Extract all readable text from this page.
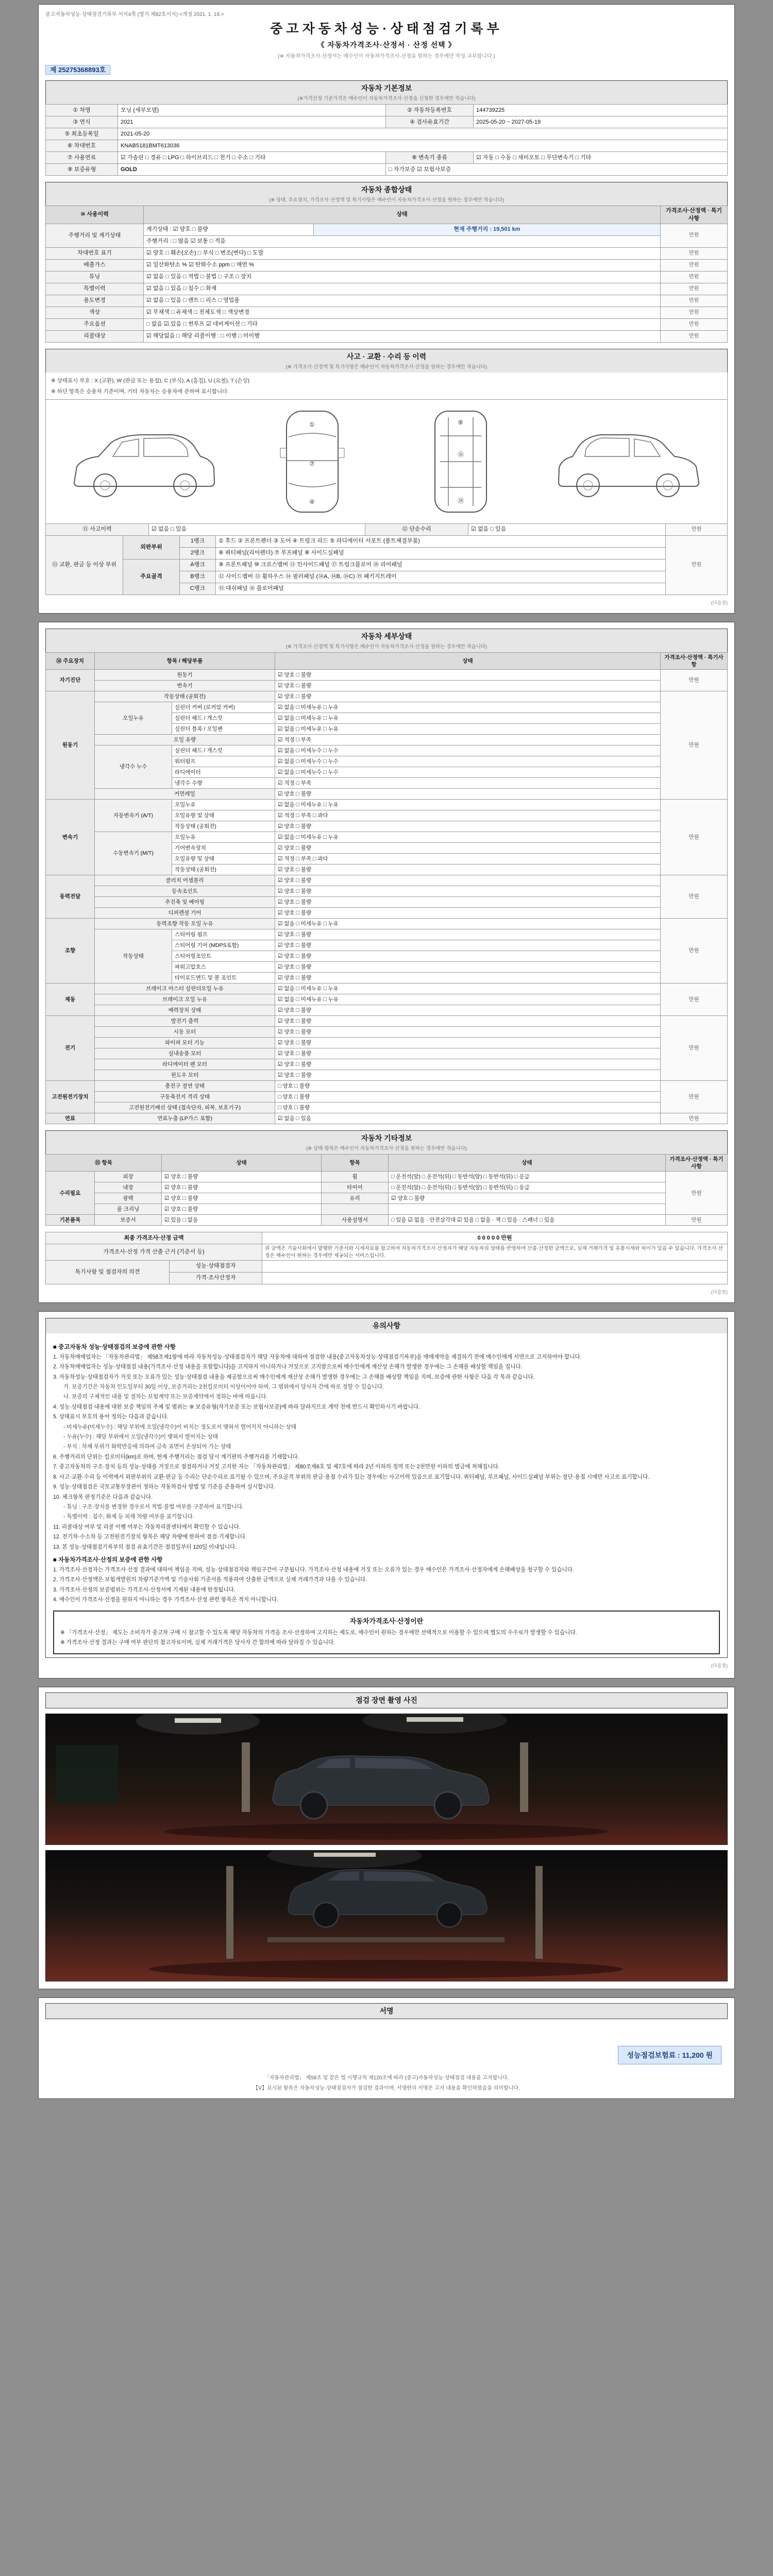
중고자동차성능·상태점검기록부 서식4쪽 (별지 제82호서식) <개정 2021. 1. 19.>
중고자동차성능·상태점검기록부
《 자동차가격조사·산정서 · 산정 선택 》
(※ 자동차가격조사·산정서는 매수인이 자동차가격조사·산정을 원하는 경우에만 작성·교부합니다.)
제 25275368893호
자동차 기본정보
(※가격산정 기준가격은 매수인이 자동차가격조사·산정을 신청한 경우에만 적습니다)
① 차명	모닝 (세부모델)	② 자동차등록번호	144739225
③ 연식	2021	④ 검사유효기간	2025-05-20 ~ 2027-05-19
⑤ 최초등록일	2021-05-20		
⑥ 차대번호	KNAB5181BMT613036		
⑦ 사용연료	☑ 가솔린 □ 경유 □ LPG □ 하이브리드 □ 전기 □ 수소 □ 기타	⑧ 변속기 종류	☑ 자동 □ 수동 □ 세미오토 □ 무단변속기 □ 기타
⑨ 보증유형	GOLD	□ 자가보증 ☑ 보험사보증	
자동차 종합상태
(※ 상태, 주요장치, 가격조사·산정액 및 특기사항은 매수인이 자동차가격조사·산정을 원하는 경우에만 적습니다)
⑩ 사용이력	상태		가격조사·산정액 · 특기사항
주행거리 및 계기상태	계기상태 : ☑ 양호 □ 불량	현재 주행거리 : 19,501 km	만원
	주행거리 : □ 많음 ☑ 보통 □ 적음		
차대번호 표기	☑ 양호 □ 훼손(오손) □ 부식 □ 변조(변타) □ 도말		만원
배출가스	☑ 일산화탄소 % ☑ 탄화수소 ppm □ 매연 %		만원
튜닝	☑ 없음 □ 있음 □ 적법 □ 불법 □ 구조 □ 장치		만원
특별이력	☑ 없음 □ 있음 □ 침수 □ 화재		만원
용도변경	☑ 없음 □ 있음 □ 렌트 □ 리스 □ 영업용		만원
색상	☑ 무채색 □ 유채색 □ 전체도색 □ 색상변경		만원
주요옵션	□ 없음 ☑ 있음 □ 썬루프 ☑ 네비게이션 □ 기타		만원
리콜대상	☑ 해당없음 □ 해당 리콜이행 : □ 이행 □ 미이행		만원
사고 · 교환 · 수리 등 이력
(※ 가격조사·산정액 및 특기사항은 매수인이 자동차가격조사·산정을 원하는 경우에만 적습니다)
※ 상태표시 부호 : X (교환), W (판금 또는 용접), C (부식), A (흠집), U (요철), T (손상)
※ 하단 항목은 승용차 기준이며, 기타 자동차는 승용차에 준하여 표시합니다.
①
⑦
④
⑨
⑯
⑱
⑪ 사고이력	☑ 없음 □ 있음	⑫ 단순수리	☑ 없음 □ 있음	만원
⑬ 교환, 판금 등 이상 부위	외판부위	1랭크	① 후드 ② 프론트펜더 ③ 도어 ④ 트렁크 리드 ⑤ 라디에이터 서포트 (볼트체결부품)	만원
		2랭크	⑥ 쿼터패널(리어펜더) ⑦ 루프패널 ⑧ 사이드실패널	
	주요골격	A랭크	⑨ 프론트패널 ⑩ 크로스멤버 ⑪ 인사이드패널 ⑰ 트렁크플로어 ⑱ 리어패널	
		B랭크	⑫ 사이드멤버 ⑬ 휠하우스 ⑭ 필러패널 (⑭A, ⑭B, ⑭C) ⑲ 패키지트레이	
		C랭크	⑮ 대쉬패널 ⑯ 플로어패널	
(다음장)
자동차 세부상태
(※ 가격조사·산정액 및 특기사항은 매수인이 자동차가격조사·산정을 원하는 경우에만 적습니다)
⑭ 주요장치	항목 / 해당부품		상태	가격조사·산정액 · 특기사항
자기진단	원동기		☑ 양호 □ 불량	만원
	변속기		☑ 양호 □ 불량	
원동기	작동상태 (공회전)		☑ 양호 □ 불량	만원
	오일누유	실린더 커버 (로커암 커버)	☑ 없음 □ 미세누유 □ 누유	
		실린더 헤드 / 개스킷	☑ 없음 □ 미세누유 □ 누유	
		실린더 블록 / 오일팬	☑ 없음 □ 미세누유 □ 누유	
	오일 유량		☑ 적정 □ 부족	
	냉각수 누수	실린더 헤드 / 개스킷	☑ 없음 □ 미세누수 □ 누수	
		워터펌프	☑ 없음 □ 미세누수 □ 누수	
		라디에이터	☑ 없음 □ 미세누수 □ 누수	
		냉각수 수량	☑ 적정 □ 부족	
	커먼레일		☑ 양호 □ 불량	
변속기	자동변속기 (A/T)	오일누유	☑ 없음 □ 미세누유 □ 누유	만원
		오일유량 및 상태	☑ 적정 □ 부족 □ 과다	
		작동상태 (공회전)	☑ 양호 □ 불량	
	수동변속기 (M/T)	오일누유	☑ 없음 □ 미세누유 □ 누유	
		기어변속장치	☑ 양호 □ 불량	
		오일유량 및 상태	☑ 적정 □ 부족 □ 과다	
		작동상태 (공회전)	☑ 양호 □ 불량	
동력전달	클러치 어셈블리		☑ 양호 □ 불량	만원
	등속조인트		☑ 양호 □ 불량	
	추진축 및 베어링		☑ 양호 □ 불량	
	디퍼렌셜 기어		☑ 양호 □ 불량	
조향	동력조향 작동 오일 누유		☑ 없음 □ 미세누유 □ 누유	만원
	작동상태	스티어링 펌프	☑ 양호 □ 불량	
		스티어링 기어 (MDPS포함)	☑ 양호 □ 불량	
		스티어링조인트	☑ 양호 □ 불량	
		파워고압호스	☑ 양호 □ 불량	
		타이로드엔드 및 볼 조인트	☑ 양호 □ 불량	
제동	브레이크 마스터 실린더오일 누유		☑ 없음 □ 미세누유 □ 누유	만원
	브레이크 오일 누유		☑ 없음 □ 미세누유 □ 누유	
	배력장치 상태		☑ 양호 □ 불량	
전기	발전기 출력		☑ 양호 □ 불량	만원
	시동 모터		☑ 양호 □ 불량	
	와이퍼 모터 기능		☑ 양호 □ 불량	
	실내송풍 모터		☑ 양호 □ 불량	
	라디에이터 팬 모터		☑ 양호 □ 불량	
	윈도우 모터		☑ 양호 □ 불량	
고전원전기장치	충전구 절연 상태		□ 양호 □ 불량	만원
	구동축전지 격리 상태		□ 양호 □ 불량	
	고전원전기배선 상태 (접속단자, 피복, 보호기구)		□ 양호 □ 불량	
연료	연료누출 (LP가스 포함)		☑ 없음 □ 있음	만원
자동차 기타정보
(※ 상태·항목은 매수인이 자동차가격조사·산정을 원하는 경우에만 적습니다)
⑮ 항목		상태	항목	상태	가격조사·산정액 · 특기사항
수리필요	외장	☑ 양호 □ 불량	휠	□ 운전석(앞) □ 운전석(뒤) □ 동반석(앞) □ 동반석(뒤) □ 응급	만원
	내장	☑ 양호 □ 불량	타이어	□ 운전석(앞) □ 운전석(뒤) □ 동반석(앞) □ 동반석(뒤) □ 응급	
	광택	☑ 양호 □ 불량	유리	☑ 양호 □ 불량	
	룸 크리닝	☑ 양호 □ 불량			
기본품목	보증서	☑ 있음 □ 없음	사용설명서	□ 있음 ☑ 없음 · 안전삼각대 ☑ 있음 □ 없음 · 잭 □ 있음 · 스패너 □ 있음	만원
최종 가격조사·산정 금액		0 0 0 0 0 만원
가격조사·산정 가격 산출 근거 (기준서 등)		위 금액은 기술사회에서 발행한 기준서와 시세자료를 참고하여 자동차가격조사·산정자가 해당 자동차의 상태를 반영하여 산출·산정한 금액으로, 실제 거래가격 및 유통시세와 차이가 있을 수 있습니다. 가격조사·산정은 매수인이 원하는 경우에만 제공되는 서비스입니다.
특기사항 및 점검자의 의견	성능·상태점검자	
	가격·조사산정자	
(다음장)
유의사항
■ 중고자동차 성능·상태점검의 보증에 관한 사항
1. 자동차매매업자는 「자동차관리법」 제58조제1항에 따라 자동차성능·상태점검자가 해당 자동차에 대하여 점검한 내용(중고자동차성능·상태점검기록부)을 매매계약을 체결하기 전에 매수인에게 서면으로 고지하여야 합니다.
2. 자동차매매업자는 성능·상태점검 내용(가격조사·산정 내용을 포함합니다)을 고지하지 아니하거나 거짓으로 고지함으로써 매수인에게 재산상 손해가 발생한 경우에는 그 손해를 배상할 책임을 집니다.
3. 자동차성능·상태점검자가 거짓 또는 오류가 있는 성능·상태점검 내용을 제공함으로써 매수인에게 재산상 손해가 발생한 경우에는 그 손해를 배상할 책임을 지며, 보증에 관한 사항은 다음 각 목과 같습니다.
가. 보증기간은 자동차 인도일부터 30일 이상, 보증거리는 2천킬로미터 이상이어야 하며, 그 범위에서 당사자 간에 따로 정할 수 있습니다.
나. 보증의 구체적인 내용 및 절차는 보험계약 또는 보증계약에서 정하는 바에 따릅니다.
4. 성능·상태점검 내용에 대한 보증 책임의 주체 및 범위는 ⑨ 보증유형(자가보증 또는 보험사보증)에 따라 달라지므로 계약 전에 반드시 확인하시기 바랍니다.
5. 상태표시 부호의 용어 정의는 다음과 같습니다.
- 미세누유(미세누수) : 해당 부위에 오일(냉각수)이 비치는 정도로서 맺혀서 떨어지지 아니하는 상태
- 누유(누수) : 해당 부위에서 오일(냉각수)이 맺혀서 떨어지는 상태
- 부식 : 차체 부위가 화학반응에 의하여 금속 표면이 손상되어 가는 상태
6. 주행거리의 단위는 킬로미터(km)로 하며, 현재 주행거리는 점검 당시 계기판의 주행거리를 기재합니다.
7. 중고자동차의 구조·장치 등의 성능·상태를 거짓으로 점검하거나 거짓 고지한 자는 「자동차관리법」 제80조제6호 및 제7호에 따라 2년 이하의 징역 또는 2천만원 이하의 벌금에 처해집니다.
8. 사고·교환·수리 등 이력에서 외판부위의 교환·판금 등 수리는 단순수리로 표기될 수 있으며, 주요골격 부위의 판금·용접 수리가 있는 경우에는 사고이력 있음으로 표기합니다. 쿼터패널, 루프패널, 사이드실패널 부위는 절단·용접 시에만 사고로 표기합니다.
9. 성능·상태점검은 국토교통부장관이 정하는 자동차검사 방법 및 기준을 준용하여 실시합니다.
10. 체크항목 판정기준은 다음과 같습니다.
- 튜닝 : 구조·장치를 변경한 경우로서 적법·불법 여부를 구분하여 표기합니다.
- 특별이력 : 침수, 화재 등 피해 차량 여부를 표기합니다.
11. 리콜대상 여부 및 리콜 이행 여부는 자동차리콜센터에서 확인할 수 있습니다.
12. 전기차·수소차 등 고전원전기장치 항목은 해당 차량에 한하여 점검·기재합니다.
13. 본 성능·상태점검기록부의 점검 유효기간은 점검일부터 120일 이내입니다.
■ 자동차가격조사·산정의 보증에 관한 사항
1. 가격조사·산정자는 가격조사·산정 결과에 대하여 책임을 지며, 성능·상태점검자와 책임구간이 구분됩니다. 가격조사·산정 내용에 거짓 또는 오류가 있는 경우 매수인은 가격조사·산정자에게 손해배상을 청구할 수 있습니다.
2. 가격조사·산정액은 보험개발원의 차량기준가액 및 기술사회 기준서를 적용하여 산출한 금액으로 실제 거래가격과 다를 수 있습니다.
3. 가격조사·산정의 보증범위는 가격조사·산정서에 기재된 내용에 한정됩니다.
4. 매수인이 가격조사·산정을 원하지 아니하는 경우 가격조사·산정 관련 항목은 적지 아니합니다.
자동차가격조사·산정이란
※ 「가격조사·산정」 제도는 소비자가 중고차 구매 시 참고할 수 있도록 해당 자동차의 가격을 조사·산정하여 고지하는 제도로, 매수인이 원하는 경우에만 선택적으로 이용할 수 있으며 별도의 수수료가 발생할 수 있습니다.
※ 가격조사·산정 결과는 구매 여부 판단의 참고자료이며, 실제 거래가격은 당사자 간 합의에 따라 달라질 수 있습니다.
(다음장)
점검 장면 촬영 사진
서명
성능점검보험료 : 11,200 원
「자동차관리법」 제58조 및 같은 법 시행규칙 제120조에 따라 (중고)자동차성능·상태점검 내용을 고지합니다.
【Ⅴ】표시된 항목은 자동차성능·상태점검자가 점검한 결과이며, 서명란의 서명은 고지 내용을 확인하였음을 의미합니다.
